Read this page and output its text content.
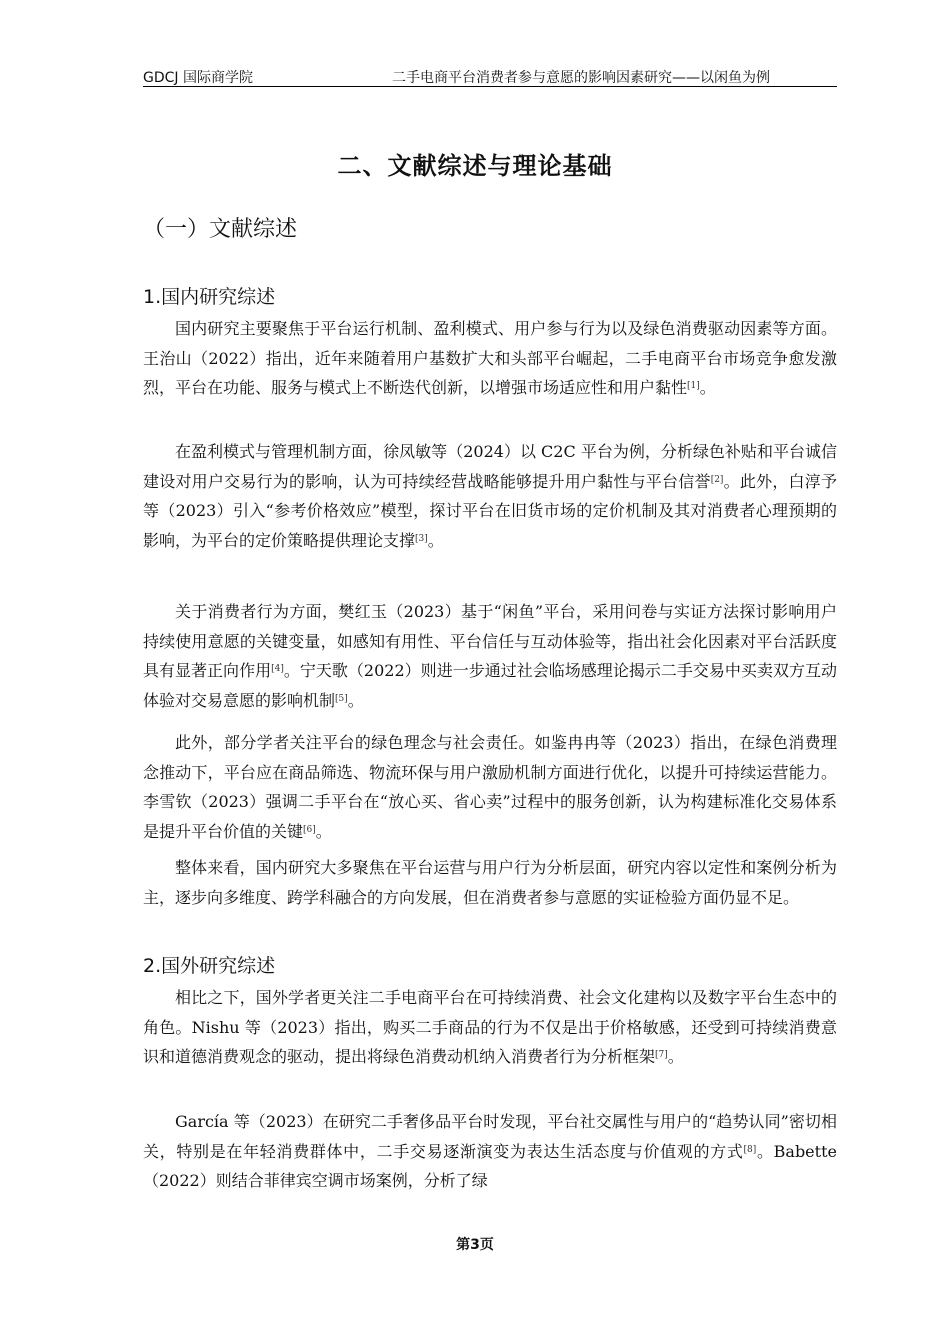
GDCJ 国际商学院	二手电商平台消费者参与意愿的影响因素研究——以闲鱼为例
二、文献综述与理论基础
（一）文献综述
1.国内研究综述

国内研究主要聚焦于平台运行机制、盈利模式、用户参与行为以及绿色消费驱动因素等方面。王治山（2022）指出，近年来随着用户基数扩大和头部平台崛起，二手电商平台市场竞争愈发激烈，平台在功能、服务与模式上不断迭代创新，以增强市场适应性和用户黏性[1]。

在盈利模式与管理机制方面，徐凤敏等（2024）以 C2C 平台为例，分析绿色补贴和平台诚信建设对用户交易行为的影响，认为可持续经营战略能够提升用户黏性与平台信誉[2]。此外，白淳予等（2023）引入“参考价格效应”模型，探讨平台在旧货市场的定价机制及其对消费者心理预期的影响，为平台的定价策略提供理论支撑[3]。

关于消费者行为方面，樊红玉（2023）基于“闲鱼”平台，采用问卷与实证方法探讨影响用户持续使用意愿的关键变量，如感知有用性、平台信任与互动体验等，指出社会化因素对平台活跃度具有显著正向作用[4]。宁天歌（2022）则进一步通过社会临场感理论揭示二手交易中买卖双方互动体验对交易意愿的影响机制[5]。

此外，部分学者关注平台的绿色理念与社会责任。如鉴冉冉等（2023）指出，在绿色消费理念推动下，平台应在商品筛选、物流环保与用户激励机制方面进行优化，以提升可持续运营能力。李雪钦（2023）强调二手平台在“放心买、省心卖”过程中的服务创新，认为构建标准化交易体系是提升平台价值的关键[6]。

整体来看，国内研究大多聚焦在平台运营与用户行为分析层面，研究内容以定性和案例分析为主，逐步向多维度、跨学科融合的方向发展，但在消费者参与意愿的实证检验方面仍显不足。

2.国外研究综述

相比之下，国外学者更关注二手电商平台在可持续消费、社会文化建构以及数字平台生态中的角色。Nishu 等（2023）指出，购买二手商品的行为不仅是出于价格敏感，还受到可持续消费意识和道德消费观念的驱动，提出将绿色消费动机纳入消费者行为分析框架[7]。

García 等（2023）在研究二手奢侈品平台时发现，平台社交属性与用户的“趋势认同”密切相关，特别是在年轻消费群体中，二手交易逐渐演变为表达生活态度与价值观的方式[8]。Babette（2022）则结合菲律宾空调市场案例，分析了绿

第3页
